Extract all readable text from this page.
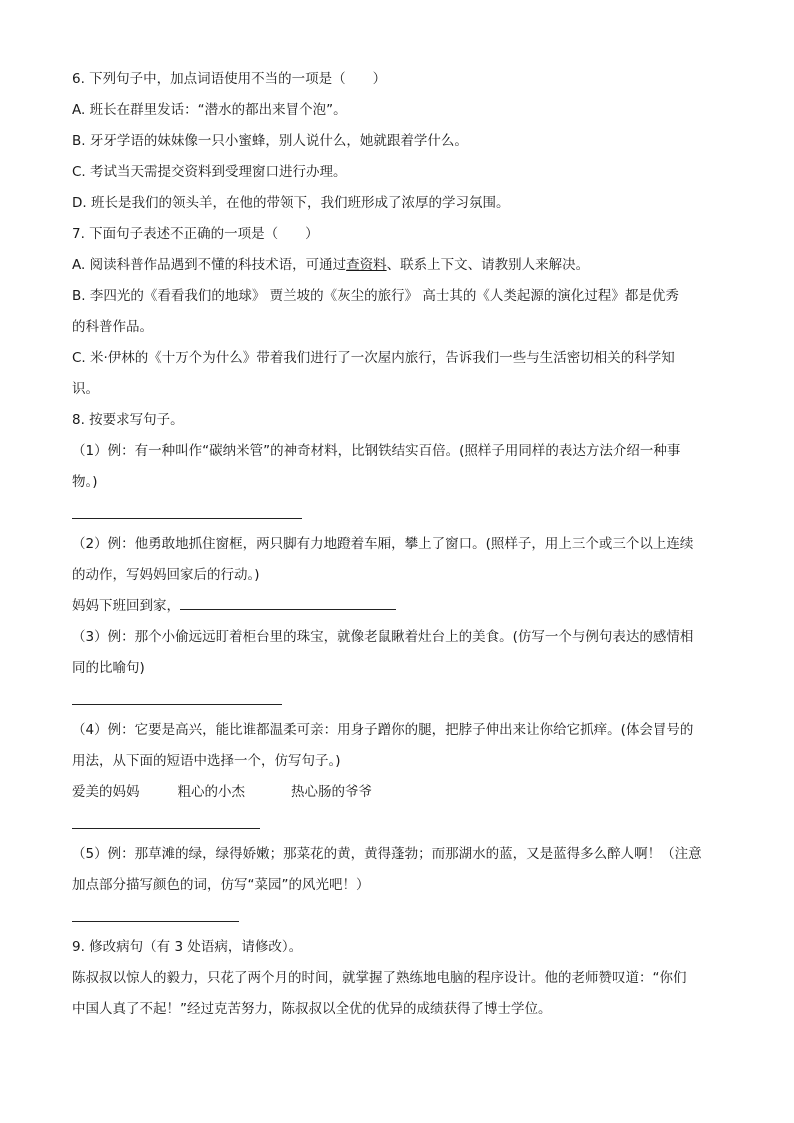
6. 下列句子中，加点词语使用不当的一项是（　　）
A. 班长在群里发话：“潜水的都出来冒个泡”。
B. 牙牙学语的妹妹像一只小蜜蜂，别人说什么，她就跟着学什么。
C. 考试当天需提交资料到受理窗口进行办理。
D. 班长是我们的领头羊，在他的带领下，我们班形成了浓厚的学习氛围。
7. 下面句子表述不正确的一项是（　　）
A. 阅读科普作品遇到不懂的科技术语，可通过查资料、联系上下文、请教别人来解决。
B. 李四光的《看看我们的地球》 贾兰坡的《灰尘的旅行》 高士其的《人类起源的演化过程》都是优秀
的科普作品。
C. 米·伊林的《十万个为什么》带着我们进行了一次屋内旅行，告诉我们一些与生活密切相关的科学知
识。
8. 按要求写句子。
（1）例：有一种叫作“碳纳米管”的神奇材料，比钢铁结实百倍。(照样子用同样的表达方法介绍一种事
物。)
（2）例：他勇敢地抓住窗框，两只脚有力地蹬着车厢，攀上了窗口。(照样子，用上三个或三个以上连续
的动作，写妈妈回家后的行动。)
妈妈下班回到家，
（3）例：那个小偷远远盯着柜台里的珠宝，就像老鼠瞅着灶台上的美食。(仿写一个与例句表达的感情相
同的比喻句)
（4）例：它要是高兴，能比谁都温柔可亲：用身子蹭你的腿，把脖子伸出来让你给它抓痒。(体会冒号的
用法，从下面的短语中选择一个，仿写句子。)
爱美的妈妈	粗心的小杰	热心肠的爷爷
（5）例：那草滩的绿，绿得娇嫩；那菜花的黄，黄得蓬勃；而那湖水的蓝，又是蓝得多么醉人啊！（注意
加点部分描写颜色的词，仿写“菜园”的风光吧！）
9. 修改病句（有 3 处语病，请修改）。
陈叔叔以惊人的毅力，只花了两个月的时间，就掌握了熟练地电脑的程序设计。他的老师赞叹道：“你们
中国人真了不起！”经过克苦努力，陈叔叔以全优的优异的成绩获得了博士学位。
